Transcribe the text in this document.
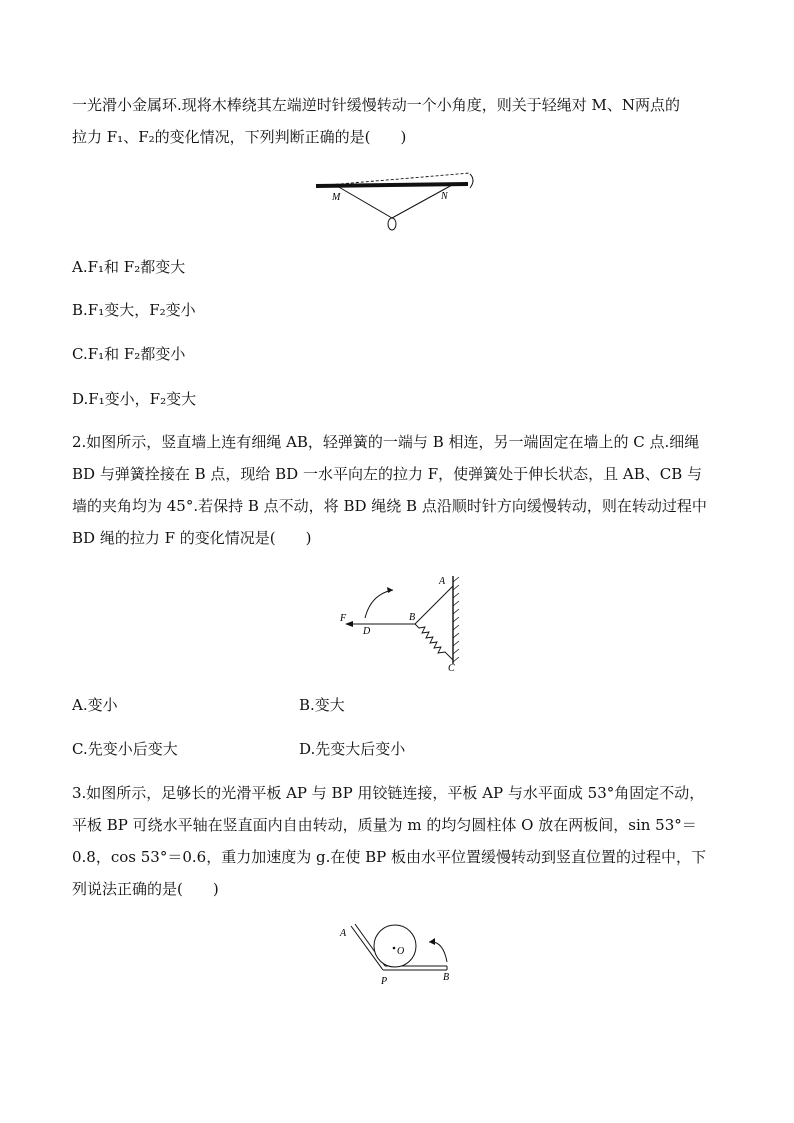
一光滑小金属环.现将木棒绕其左端逆时针缓慢转动一个小角度，则关于轻绳对 M、N两点的
拉力 F₁、F₂的变化情况，下列判断正确的是(　　)
M	N
A.F₁和 F₂都变大
B.F₁变大，F₂变小
C.F₁和 F₂都变小
D.F₁变小，F₂变大
2.如图所示，竖直墙上连有细绳 AB，轻弹簧的一端与 B 相连，另一端固定在墙上的 C 点.细绳
BD 与弹簧拴接在 B 点，现给 BD 一水平向左的拉力 F，使弹簧处于伸长状态，且 AB、CB 与
墙的夹角均为 45°.若保持 B 点不动，将 BD 绳绕 B 点沿顺时针方向缓慢转动，则在转动过程中
BD 绳的拉力 F 的变化情况是(　　)
A
B
C
D
F
A.变小	B.变大
C.先变小后变大	D.先变大后变小
3.如图所示，足够长的光滑平板 AP 与 BP 用铰链连接，平板 AP 与水平面成 53°角固定不动，
平板 BP 可绕水平轴在竖直面内自由转动，质量为 m 的均匀圆柱体 O 放在两板间，sin 53°＝
0.8，cos 53°＝0.6，重力加速度为 g.在使 BP 板由水平位置缓慢转动到竖直位置的过程中，下
列说法正确的是(　　)
A
O
P	B
